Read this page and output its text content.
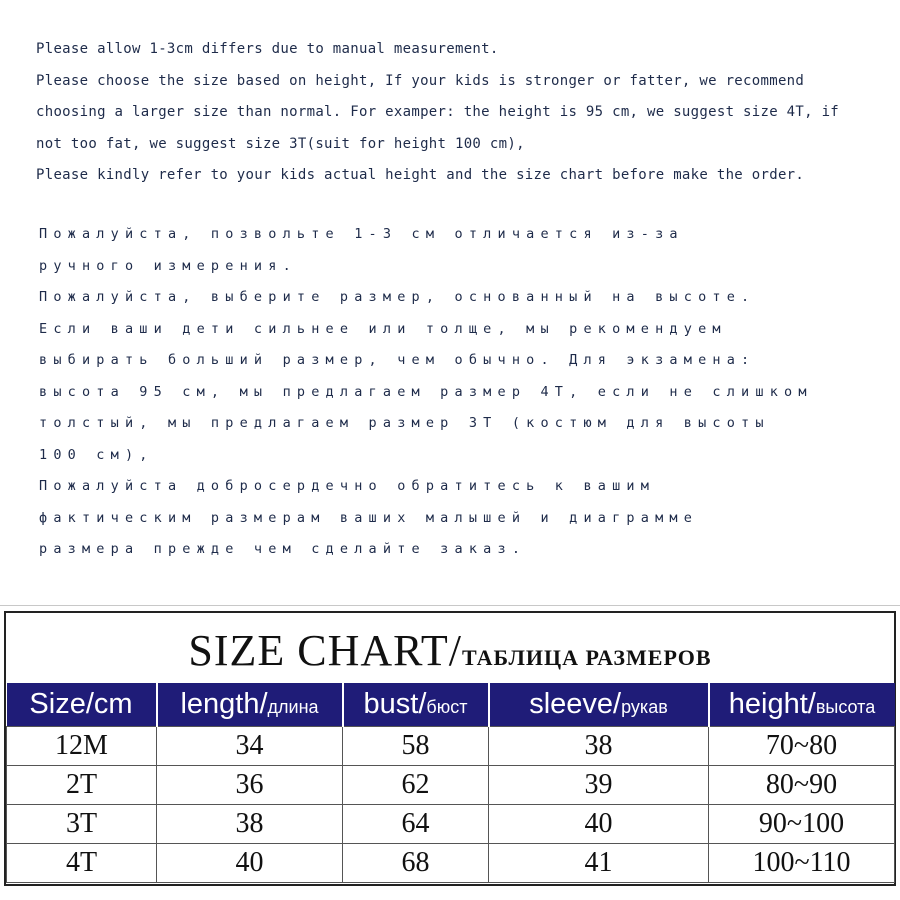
Please allow 1-3cm differs due to manual measurement.
Please choose the size based on height, If your kids is stronger or fatter, we recommend
choosing a larger size than normal. For examper: the height is 95 cm, we suggest size 4T, if
not too fat, we suggest size 3T(suit for height 100 cm),
Please kindly refer to your kids actual height and the size chart before make the order.
Пожалуйста, позвольте 1-3 см отличается из-за
ручного измерения.
Пожалуйста, выберите размер, основанный на высоте.
Если ваши дети сильнее или толще, мы рекомендуем
выбирать больший размер, чем обычно. Для экзамена:
высота 95 см, мы предлагаем размер 4T, если не слишком
толстый, мы предлагаем размер 3T (костюм для высоты
100 см),
Пожалуйста добросердечно обратитесь к вашим
фактическим размерам ваших малышей и диаграмме
размера прежде чем сделайте заказ.
SIZE CHART/ТАБЛИЦА РАЗМЕРОВ
Size/cm	length/длина	bust/бюст	sleeve/рукав	height/высота
12M	34	58	38	70~80
2T	36	62	39	80~90
3T	38	64	40	90~100
4T	40	68	41	100~110
